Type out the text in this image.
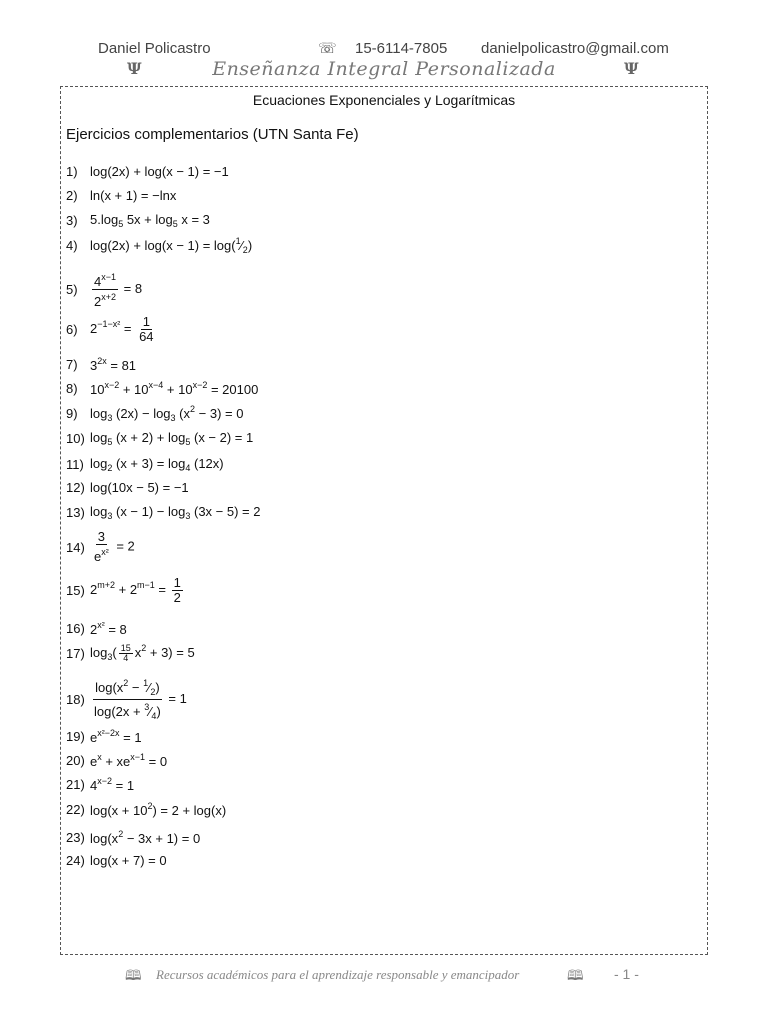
Daniel Policastro	☏ 15-6114-7805 danielpolicastro@gmail.com
Ψ	Enseñanza Integral Personalizada	Ψ
Ecuaciones Exponenciales y Logarítmicas
Ejercicios complementarios (UTN Santa Fe)
1) log(2x) + log(x − 1) = −1
2) ln(x + 1) = −lnx
3) $5.\log_5$ $5x + \log_5 x = 3$
4) $\log(2x) + \log(x - 1) = \log(^1⁄_2)$
5)	$\frac{4^{x-1}}{2^{x+2}} = 8$
6) $2^{-1-x^2} = \frac{1}{64}$
7) $3^{2x} = 81$
8) $10^{x-2} + 10^{x-4} + 10^{x-2} = 20100$
9) $\log_3 (2x) - \log_3 (x^2 - 3) = 0$
10) $\log_5 (x + 2) + \log_5 (x - 2) = 1$
11) $\log_2 (x + 3) = \log_4 (12x)$
12) log(10x − 5) = −1
13) $\log_3 (x - 1) - \log_3 (3x - 5) = 2$
$14) \frac{3}{e^{x^2}} = 2$
15) $2^{m+2} + 2^{m-1} = \frac{1}{2}$
16) $2^{x^2} = 8$
17) $\log_3( \frac{15}{4} x^2 + 3) = 5$
$18) \frac{\log(x^2 - ^1⁄_2)}{\log(2x + ^3⁄_4)} = 1$
19) $e^{x^2-2x} = 1$
20) $e^x + xe^{x-1} = 0$
21) $4^{x-2} = 1$
22) $\log(x + 10^2) = 2 + \log(x)$
23) $\log(x^2 - 3x + 1) = 0$
24) log(x + 7) = 0
🕮 Recursos académicos para el aprendizaje responsable y emancipador	🕮 - 1 -
